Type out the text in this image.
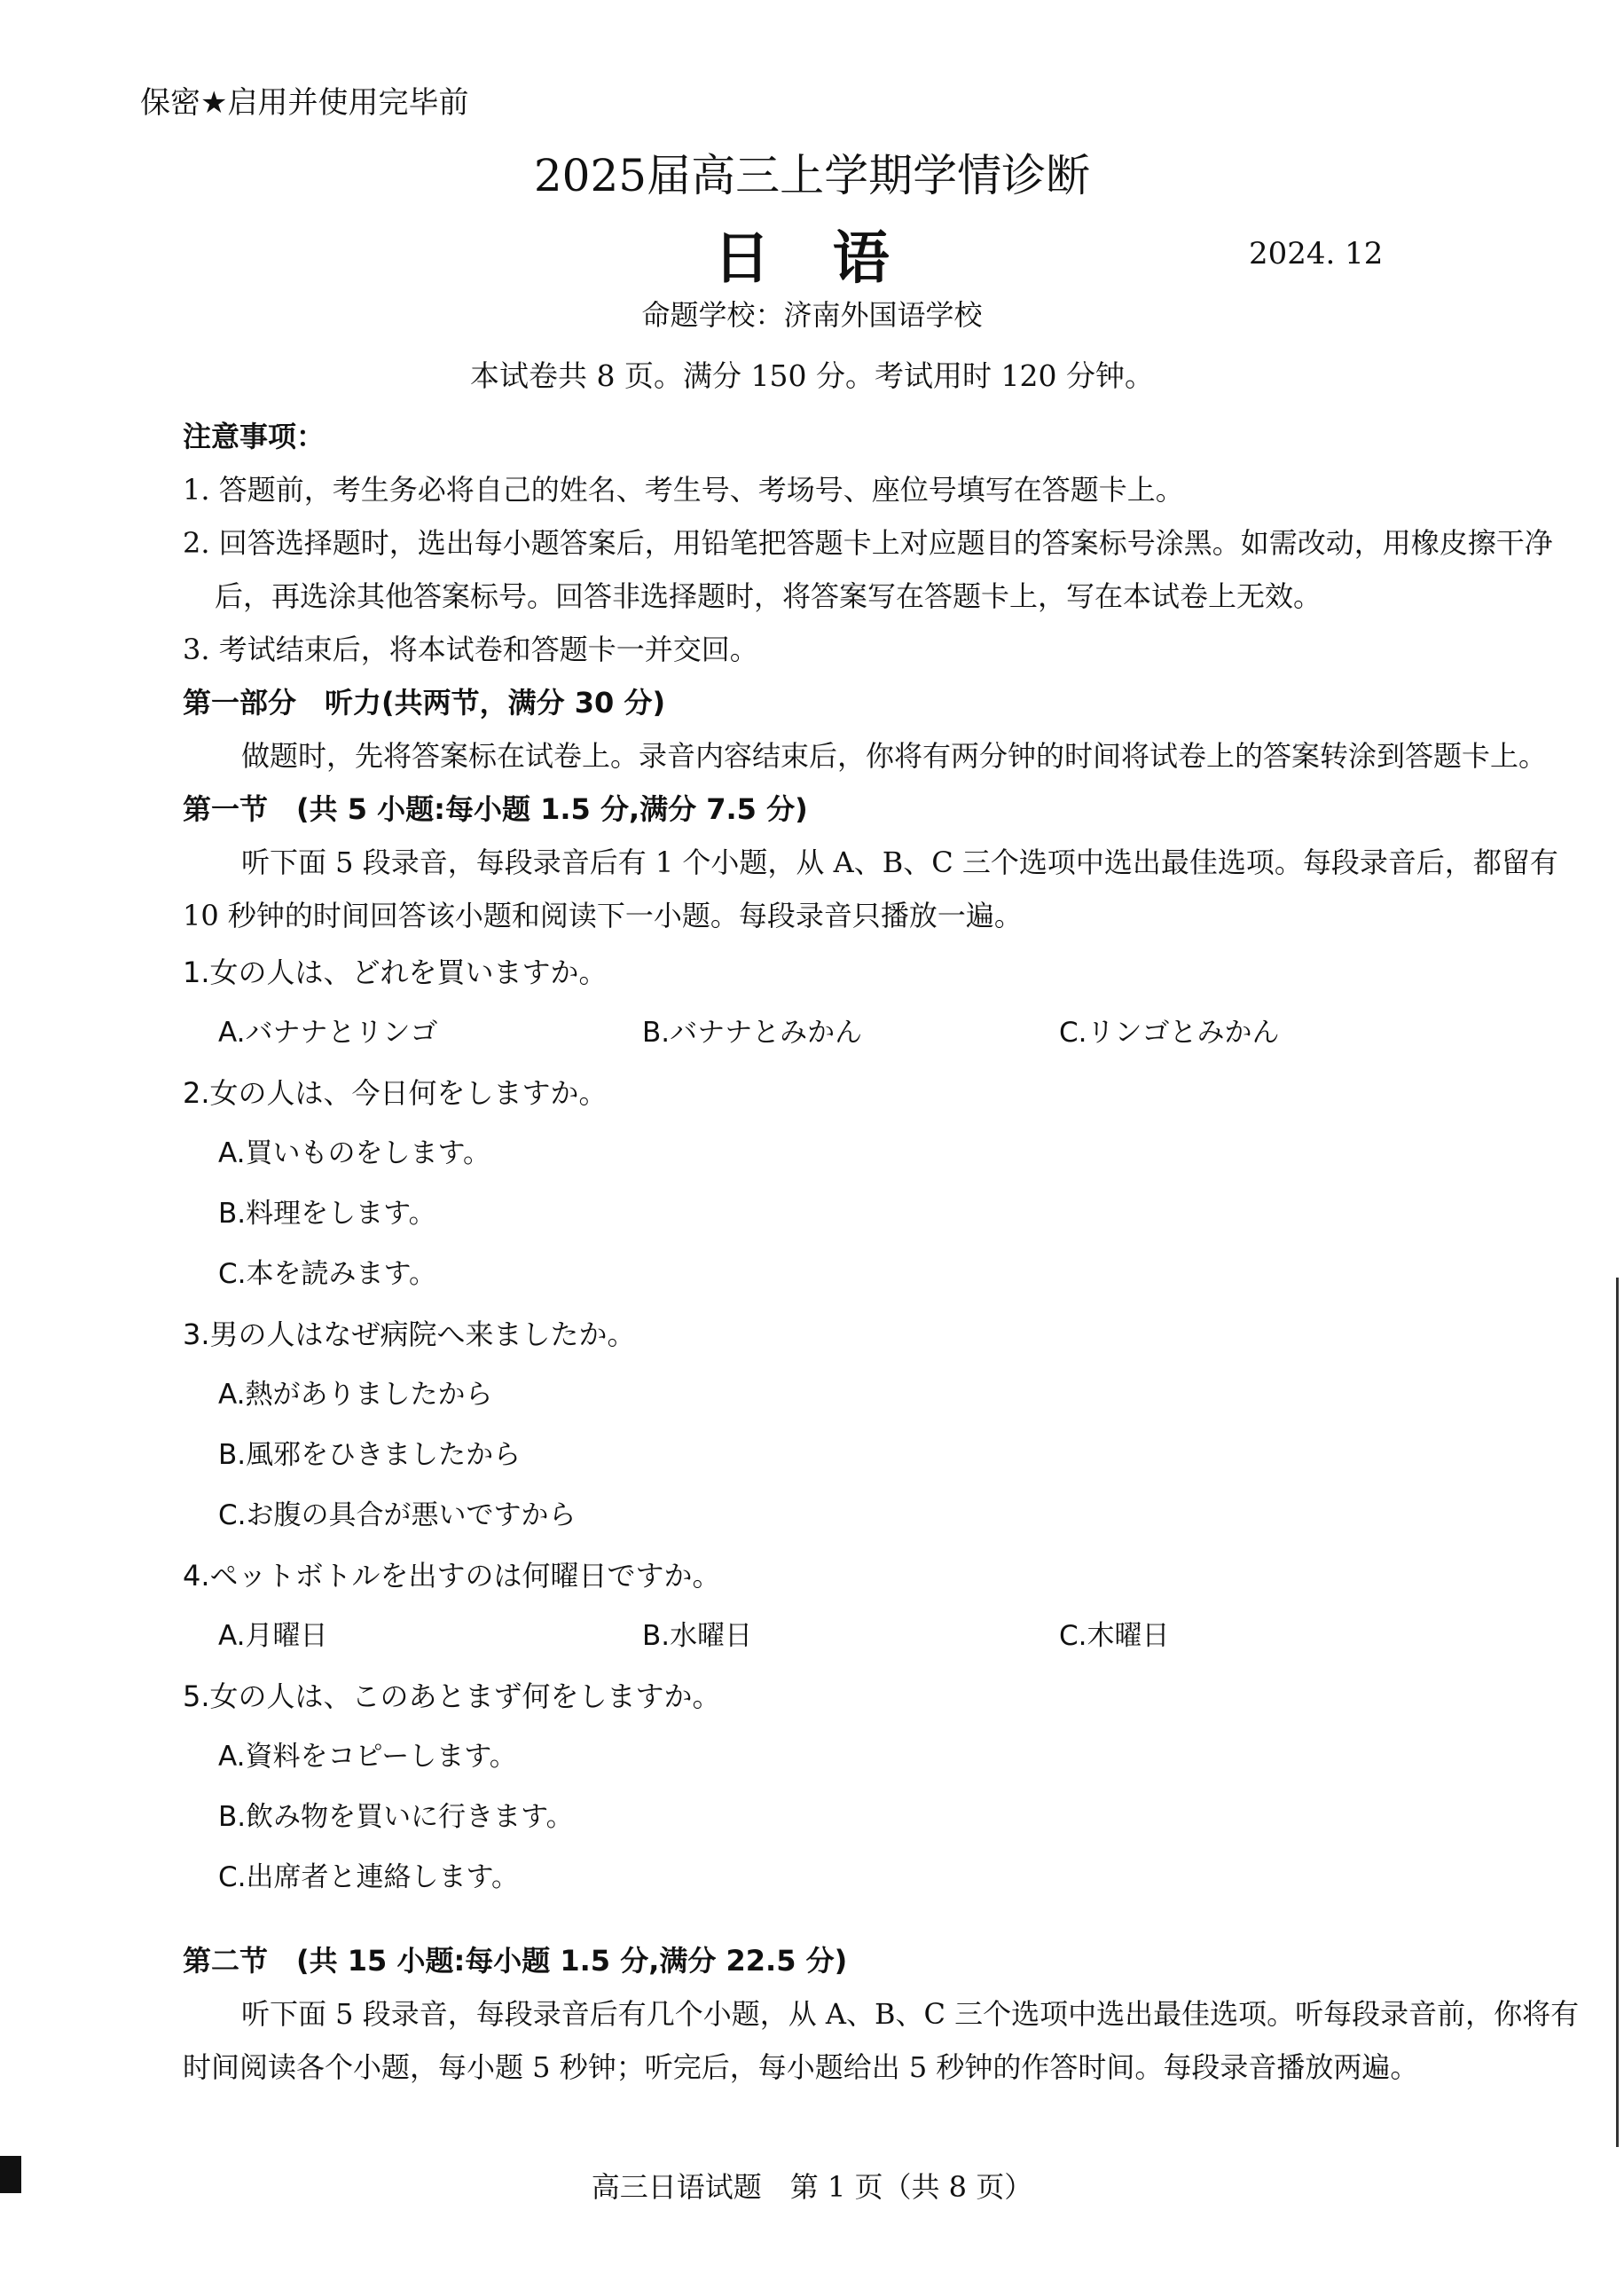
保密★启用并使用完毕前
2025届高三上学期学情诊断
日 语	2024. 12
命题学校：济南外国语学校
本试卷共 8 页。满分 150 分。考试用时 120 分钟。

注意事项：

1. 答题前，考生务必将自己的姓名、考生号、考场号、座位号填写在答题卡上。

2. 回答选择题时，选出每小题答案后，用铅笔把答题卡上对应题目的答案标号涂黑。如需改动，用橡皮擦干净后，再选涂其他答案标号。回答非选择题时，将答案写在答题卡上，写在本试卷上无效。

3. 考试结束后，将本试卷和答题卡一并交回。

第一部分　听力(共两节，满分 30 分)

做题时，先将答案标在试卷上。录音内容结束后，你将有两分钟的时间将试卷上的答案转涂到答题卡上。

第一节　(共 5 小题:每小题 1.5 分,满分 7.5 分)

听下面 5 段录音，每段录音后有 1 个小题，从 A、B、C 三个选项中选出最佳选项。每段录音后，都留有 10 秒钟的时间回答该小题和阅读下一小题。每段录音只播放一遍。

1.女の人は、どれを買いますか。
A.バナナとリンゴ	B.バナナとみかん	C.リンゴとみかん
2.女の人は、今日何をしますか。
A.買いものをします。
B.料理をします。
C.本を読みます。
3.男の人はなぜ病院へ来ましたか。
A.熱がありましたから
B.風邪をひきましたから
C.お腹の具合が悪いですから
4.ペットボトルを出すのは何曜日ですか。
A.月曜日	B.水曜日	C.木曜日
5.女の人は、このあとまず何をしますか。
A.資料をコピーします。
B.飲み物を買いに行きます。
C.出席者と連絡します。

第二节　(共 15 小题:每小题 1.5 分,满分 22.5 分)

听下面 5 段录音，每段录音后有几个小题，从 A、B、C 三个选项中选出最佳选项。听每段录音前，你将有时间阅读各个小题，每小题 5 秒钟；听完后，每小题给出 5 秒钟的作答时间。每段录音播放两遍。

高三日语试题　第 1 页（共 8 页）
